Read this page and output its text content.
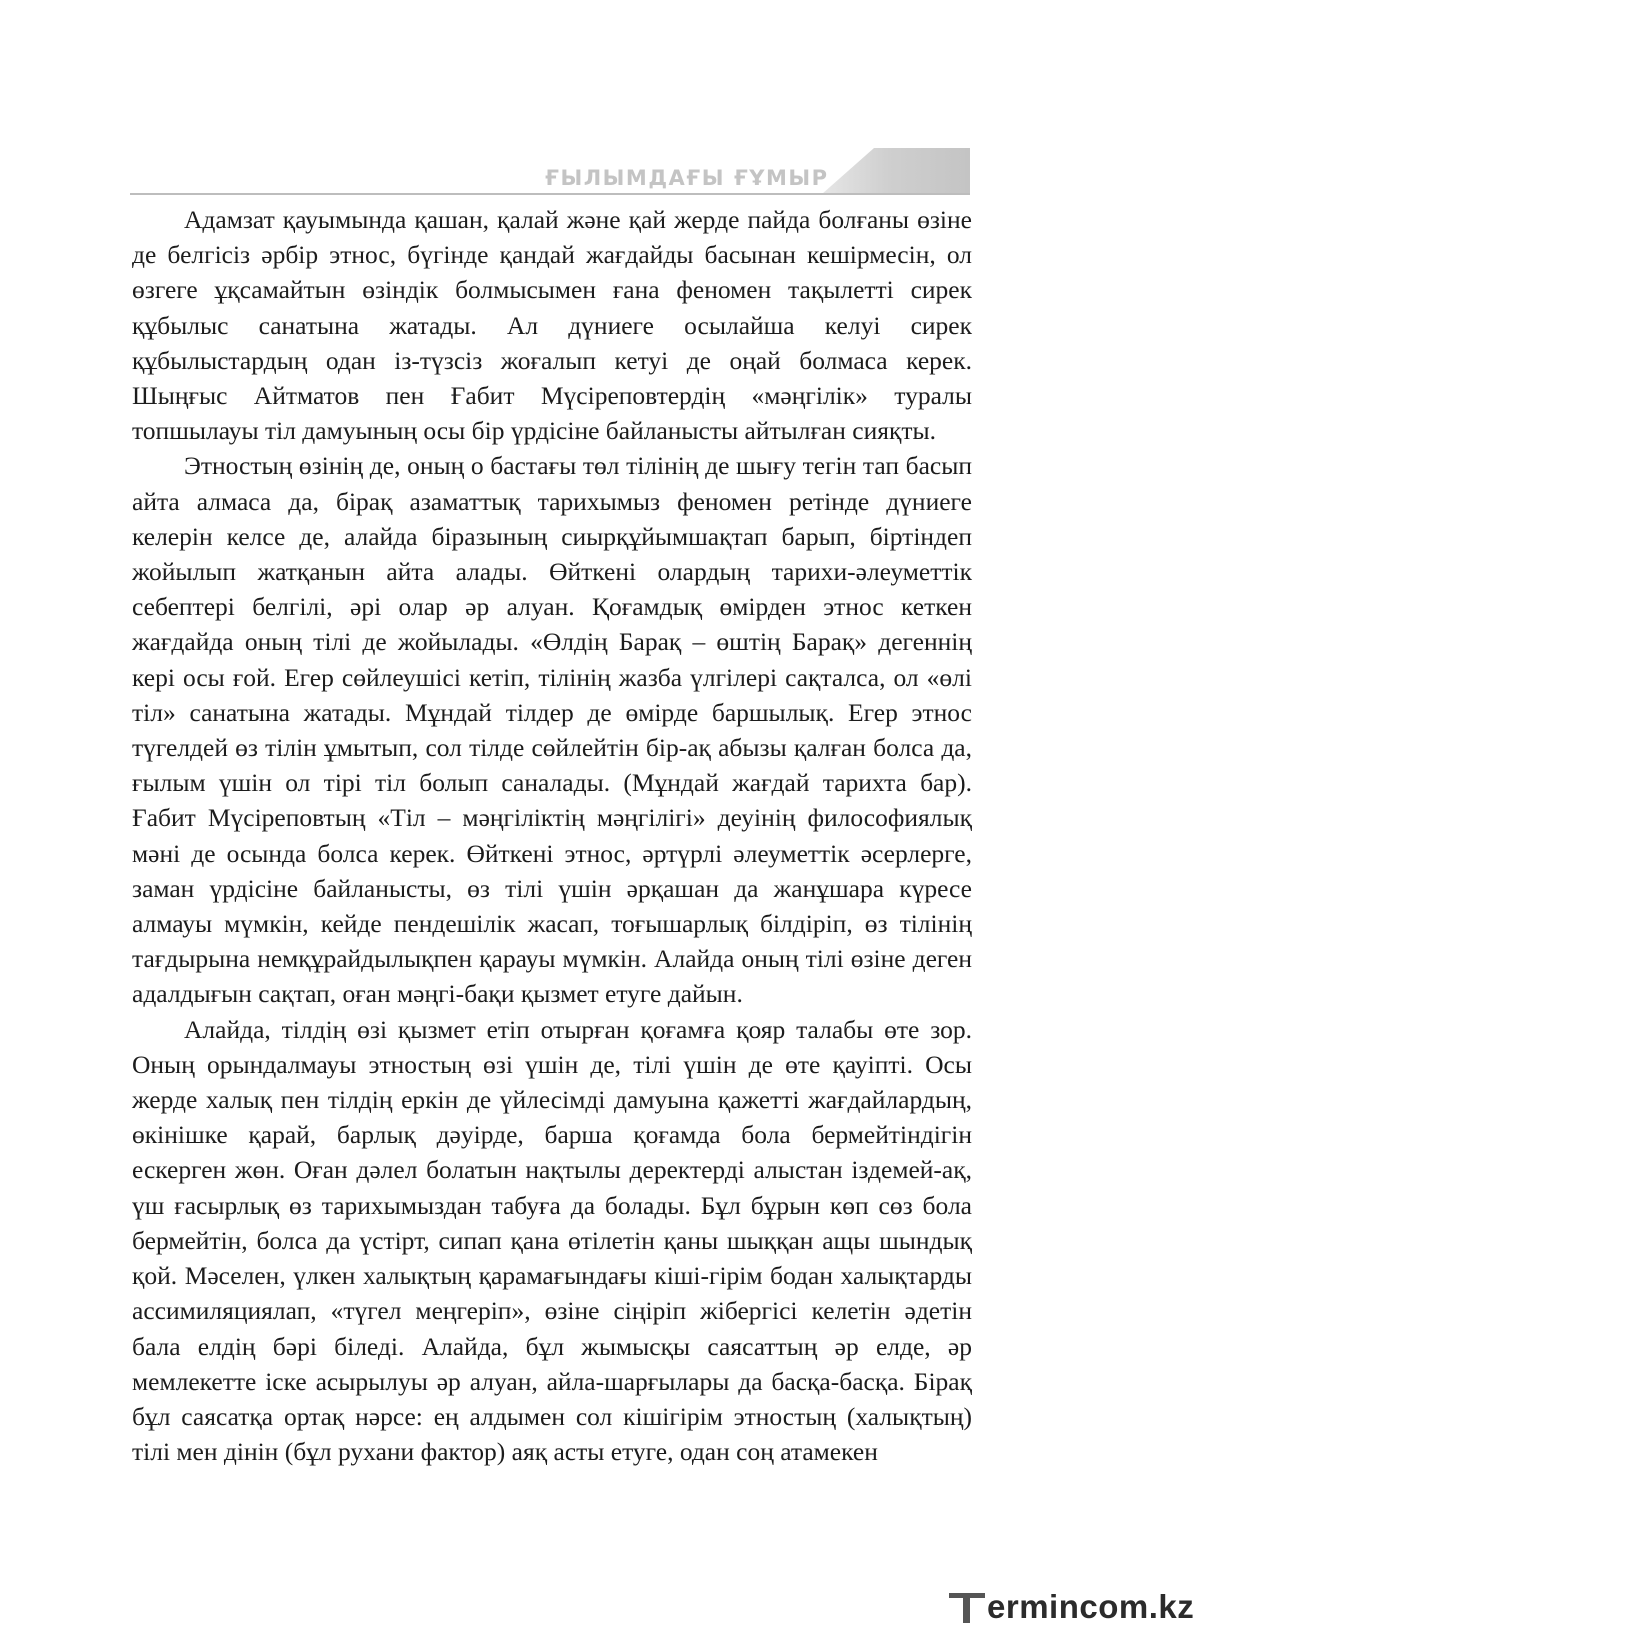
ҒЫЛЫМДАҒЫ ҒҰМЫР	101

Адамзат қауымында қашан, қалай және қай жерде пайда болғаны өзіне де белгісіз әрбір этнос, бүгінде қандай жағдайды басынан кешірмесін, ол өзгеге ұқсамайтын өзіндік болмысымен ғана феномен тақылетті сирек құбылыс санатына жатады. Ал дүниеге осылайша келуі сирек құбылыстардың одан із-түзсіз жоғалып кетуі де оңай болмаса керек. Шыңғыс Айтматов пен Ғабит Мүсіреповтердің «мәңгілік» туралы топшылауы тіл дамуының осы бір үрдісіне байланысты айтылған сияқты.

Этностың өзінің де, оның о бастағы төл тілінің де шығу тегін тап басып айта алмаса да, бірақ азаматтық тарихымыз феномен ретінде дүниеге келерін келсе де, алайда біразының сиырқұйымшақтап барып, біртіндеп жойылып жатқанын айта алады. Өйткені олардың тарихи-әлеуметтік себептері белгілі, әрі олар әр алуан. Қоғамдық өмірден этнос кеткен жағдайда оның тілі де жойылады. «Өлдің Барақ – өштің Барақ» дегеннің кері осы ғой. Егер сөйлеушісі кетіп, тілінің жазба үлгілері сақталса, ол «өлі тіл» санатына жатады. Мұндай тілдер де өмірде баршылық. Егер этнос түгелдей өз тілін ұмытып, сол тілде сөйлейтін бір-ақ абызы қалған болса да, ғылым үшін ол тірі тіл болып саналады. (Мұндай жағдай тарихта бар). Ғабит Мүсіреповтың «Тіл – мәңгіліктің мәңгілігі» деуінің философиялық мәні де осында болса керек. Өйткені этнос, әртүрлі әлеуметтік әсерлерге, заман үрдісіне байланысты, өз тілі үшін әрқашан да жанұшара күресе алмауы мүмкін, кейде пендешілік жасап, тоғышарлық білдіріп, өз тілінің тағдырына немқұрайдылықпен қарауы мүмкін. Алайда оның тілі өзіне деген адалдығын сақтап, оған мәңгі-бақи қызмет етуге дайын.

Алайда, тілдің өзі қызмет етіп отырған қоғамға қояр талабы өте зор. Оның орындалмауы этностың өзі үшін де, тілі үшін де өте қауіпті. Осы жерде халық пен тілдің еркін де үйлесімді дамуына қажетті жағдайлардың, өкінішке қарай, барлық дәуірде, барша қоғамда бола бермейтіндігін ескерген жөн. Оған дәлел болатын нақтылы деректерді алыстан іздемей-ақ, үш ғасырлық өз тарихымыздан табуға да болады. Бұл бұрын көп сөз бола бермейтін, болса да үстірт, сипап қана өтілетін қаны шыққан ащы шындық қой. Мәселен, үлкен халықтың қарамағындағы кіші-гірім бодан халықтарды ассимиляциялап, «түгел меңгеріп», өзіне сіңіріп жібергісі келетін әдетін бала елдің бәрі біледі. Алайда, бұл жымысқы саясаттың әр елде, әр мемлекетте іске асырылуы әр алуан, айла-шарғылары да басқа-басқа. Бірақ бұл саясатқа ортақ нәрсе: ең алдымен сол кішігірім этностың (халықтың) тілі мен дінін (бұл рухани фактор) аяқ асты етуге, одан соң атамекен

ermincom.kz
